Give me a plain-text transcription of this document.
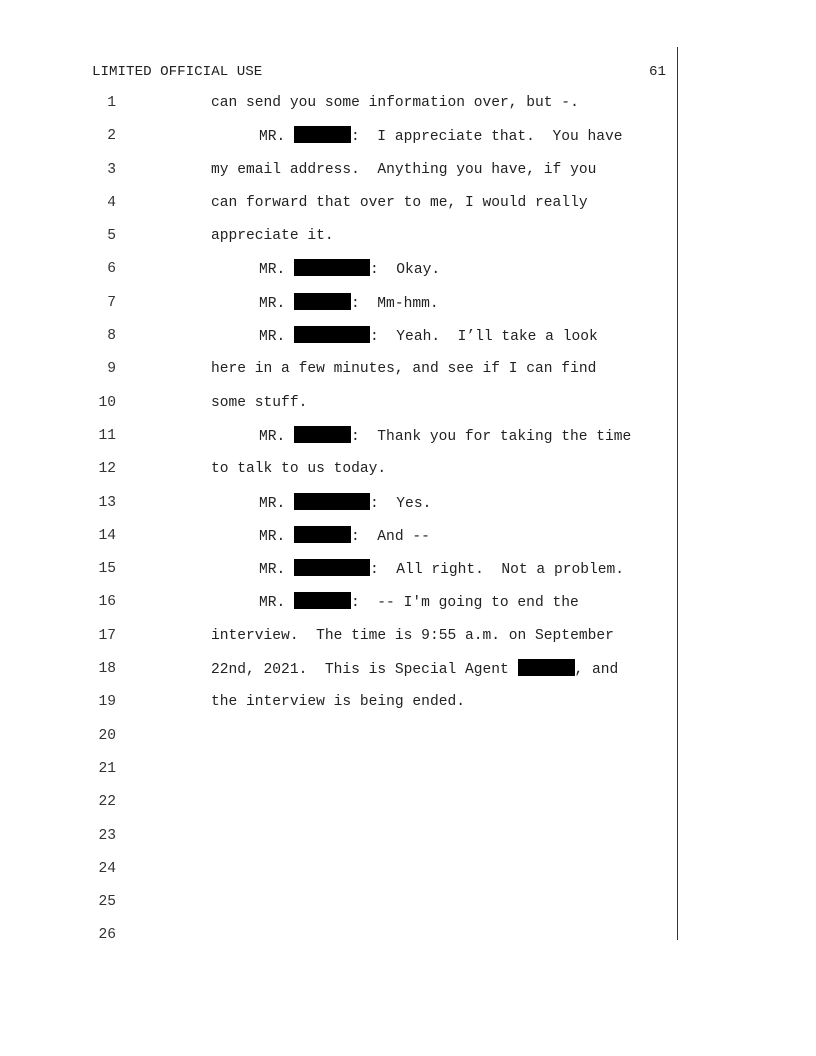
LIMITED OFFICIAL USE	61
1	can send you some information over, but -.
2	MR.	:  I appreciate that.  You have
3	my email address.  Anything you have, if you
4	can forward that over to me, I would really
5	appreciate it.
6	MR.	:  Okay.
7	MR.	:  Mm-hmm.
8	MR.	:  Yeah.  I’ll take a look
9	here in a few minutes, and see if I can find
10	some stuff.
11	MR.	:  Thank you for taking the time
12	to talk to us today.
13	MR.	:  Yes.
14	MR.	:  And --
15	MR.	:  All right.  Not a problem.
16	MR.	:  -- I'm going to end the
17	interview.  The time is 9:55 a.m. on September
18	22nd, 2021.  This is Special Agent	, and
19	the interview is being ended.
20
21
22
23
24
25
26
